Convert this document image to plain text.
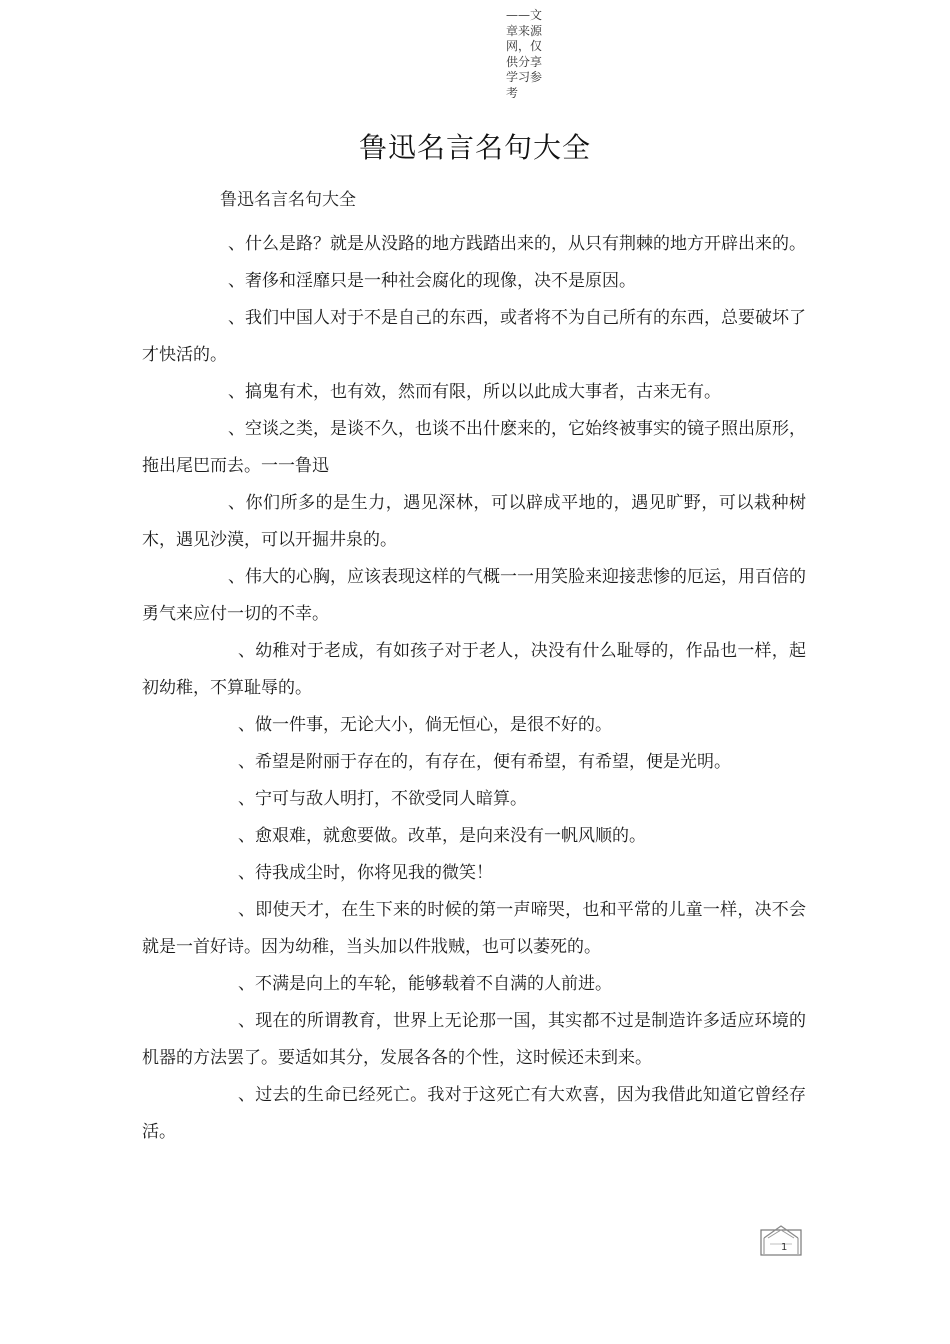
——文章来源网，仅供分享学习参考
鲁迅名言名句大全

鲁迅名言名句大全

、什么是路？就是从没路的地方践踏出来的，从只有荆棘的地方开辟出来的。
、奢侈和淫靡只是一种社会腐化的现像，决不是原因。
、我们中国人对于不是自己的东西，或者将不为自己所有的东西，总要破坏了才快活的。
、搞鬼有术，也有效，然而有限，所以以此成大事者，古来无有。
、空谈之类，是谈不久，也谈不出什麽来的，它始终被事实的镜子照出原形，拖出尾巴而去。一一鲁迅
、你们所多的是生力，遇见深林，可以辟成平地的，遇见旷野，可以栽种树木，遇见沙漠，可以开掘井泉的。
、伟大的心胸，应该表现这样的气概一一用笑脸来迎接悲惨的厄运，用百倍的勇气来应付一切的不幸。
、幼稚对于老成，有如孩子对于老人，决没有什么耻辱的，作品也一样，起初幼稚，不算耻辱的。
、做一件事，无论大小，倘无恒心，是很不好的。
、希望是附丽于存在的，有存在，便有希望，有希望，便是光明。
、宁可与敌人明打，不欲受同人暗算。
、愈艰难，就愈要做。改革，是向来没有一帆风顺的。
、待我成尘时，你将见我的微笑！
、即使天才，在生下来的时候的第一声啼哭，也和平常的儿童一样，决不会就是一首好诗。因为幼稚，当头加以件戕贼，也可以萎死的。
、不满是向上的车轮，能够载着不自满的人前进。
、现在的所谓教育，世界上无论那一国，其实都不过是制造许多适应环境的机器的方法罢了。要适如其分，发展各各的个性，这时候还未到来。
、过去的生命已经死亡。我对于这死亡有大欢喜，因为我借此知道它曾经存活。
1
